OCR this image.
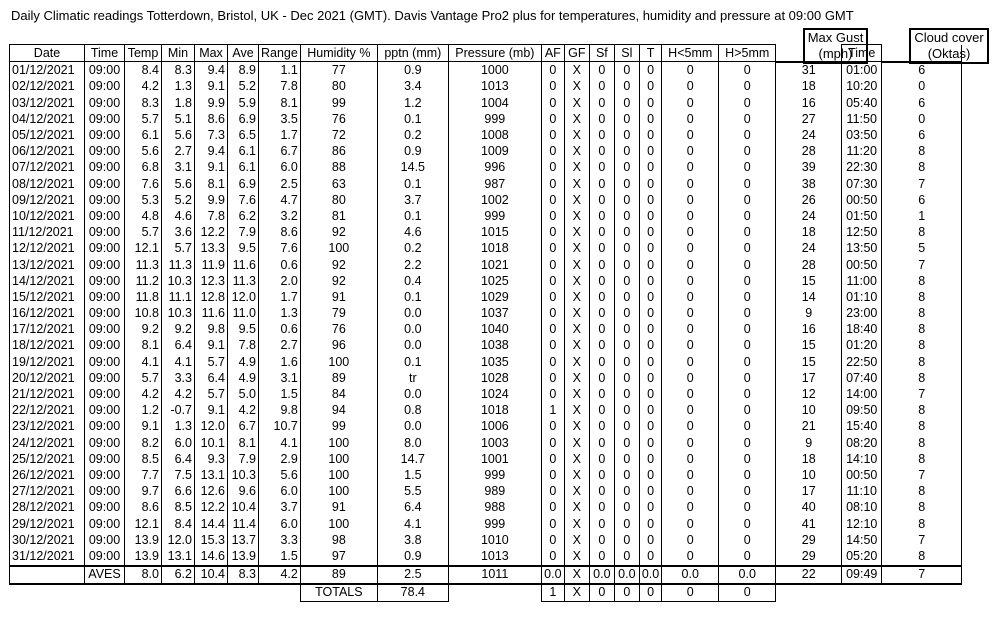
Daily Climatic readings Totterdown, Bristol, UK - Dec 2021 (GMT). Davis Vantage Pro2 plus for temperatures, humidity and pressure at 09:00 GMT
Max Gust
(mph)
Cloud cover
(Oktas)
Date	Time	Temp	Min	Max	Ave	Range	Humidity %	pptn (mm)	Pressure (mb)	AF	GF	Sf	Sl	T	H<5mm	H>5mm		Time	
01/12/2021	09:00	8.4	8.3	9.4	8.9	1.1	77	0.9	1000	0	X	0	0	0	0	0	31	01:00	6
02/12/2021	09:00	4.2	1.3	9.1	5.2	7.8	80	3.4	1013	0	X	0	0	0	0	0	18	10:20	0
03/12/2021	09:00	8.3	1.8	9.9	5.9	8.1	99	1.2	1004	0	X	0	0	0	0	0	16	05:40	6
04/12/2021	09:00	5.7	5.1	8.6	6.9	3.5	76	0.1	999	0	X	0	0	0	0	0	27	11:50	0
05/12/2021	09:00	6.1	5.6	7.3	6.5	1.7	72	0.2	1008	0	X	0	0	0	0	0	24	03:50	6
06/12/2021	09:00	5.6	2.7	9.4	6.1	6.7	86	0.9	1009	0	X	0	0	0	0	0	28	11:20	8
07/12/2021	09:00	6.8	3.1	9.1	6.1	6.0	88	14.5	996	0	X	0	0	0	0	0	39	22:30	8
08/12/2021	09:00	7.6	5.6	8.1	6.9	2.5	63	0.1	987	0	X	0	0	0	0	0	38	07:30	7
09/12/2021	09:00	5.3	5.2	9.9	7.6	4.7	80	3.7	1002	0	X	0	0	0	0	0	26	00:50	6
10/12/2021	09:00	4.8	4.6	7.8	6.2	3.2	81	0.1	999	0	X	0	0	0	0	0	24	01:50	1
11/12/2021	09:00	5.7	3.6	12.2	7.9	8.6	92	4.6	1015	0	X	0	0	0	0	0	18	12:50	8
12/12/2021	09:00	12.1	5.7	13.3	9.5	7.6	100	0.2	1018	0	X	0	0	0	0	0	24	13:50	5
13/12/2021	09:00	11.3	11.3	11.9	11.6	0.6	92	2.2	1021	0	X	0	0	0	0	0	28	00:50	7
14/12/2021	09:00	11.2	10.3	12.3	11.3	2.0	92	0.4	1025	0	X	0	0	0	0	0	15	11:00	8
15/12/2021	09:00	11.8	11.1	12.8	12.0	1.7	91	0.1	1029	0	X	0	0	0	0	0	14	01:10	8
16/12/2021	09:00	10.8	10.3	11.6	11.0	1.3	79	0.0	1037	0	X	0	0	0	0	0	9	23:00	8
17/12/2021	09:00	9.2	9.2	9.8	9.5	0.6	76	0.0	1040	0	X	0	0	0	0	0	16	18:40	8
18/12/2021	09:00	8.1	6.4	9.1	7.8	2.7	96	0.0	1038	0	X	0	0	0	0	0	15	01:20	8
19/12/2021	09:00	4.1	4.1	5.7	4.9	1.6	100	0.1	1035	0	X	0	0	0	0	0	15	22:50	8
20/12/2021	09:00	5.7	3.3	6.4	4.9	3.1	89	tr	1028	0	X	0	0	0	0	0	17	07:40	8
21/12/2021	09:00	4.2	4.2	5.7	5.0	1.5	84	0.0	1024	0	X	0	0	0	0	0	12	14:00	7
22/12/2021	09:00	1.2	-0.7	9.1	4.2	9.8	94	0.8	1018	1	X	0	0	0	0	0	10	09:50	8
23/12/2021	09:00	9.1	1.3	12.0	6.7	10.7	99	0.0	1006	0	X	0	0	0	0	0	21	15:40	8
24/12/2021	09:00	8.2	6.0	10.1	8.1	4.1	100	8.0	1003	0	X	0	0	0	0	0	9	08:20	8
25/12/2021	09:00	8.5	6.4	9.3	7.9	2.9	100	14.7	1001	0	X	0	0	0	0	0	18	14:10	8
26/12/2021	09:00	7.7	7.5	13.1	10.3	5.6	100	1.5	999	0	X	0	0	0	0	0	10	00:50	7
27/12/2021	09:00	9.7	6.6	12.6	9.6	6.0	100	5.5	989	0	X	0	0	0	0	0	17	11:10	8
28/12/2021	09:00	8.6	8.5	12.2	10.4	3.7	91	6.4	988	0	X	0	0	0	0	0	40	08:10	8
29/12/2021	09:00	12.1	8.4	14.4	11.4	6.0	100	4.1	999	0	X	0	0	0	0	0	41	12:10	8
30/12/2021	09:00	13.9	12.0	15.3	13.7	3.3	98	3.8	1010	0	X	0	0	0	0	0	29	14:50	7
31/12/2021	09:00	13.9	13.1	14.6	13.9	1.5	97	0.9	1013	0	X	0	0	0	0	0	29	05:20	8
	AVES	8.0	6.2	10.4	8.3	4.2	89	2.5	1011	0.0	X	0.0	0.0	0.0	0.0	0.0	22	09:49	7
							TOTALS	78.4		1	X	0	0	0	0	0			
